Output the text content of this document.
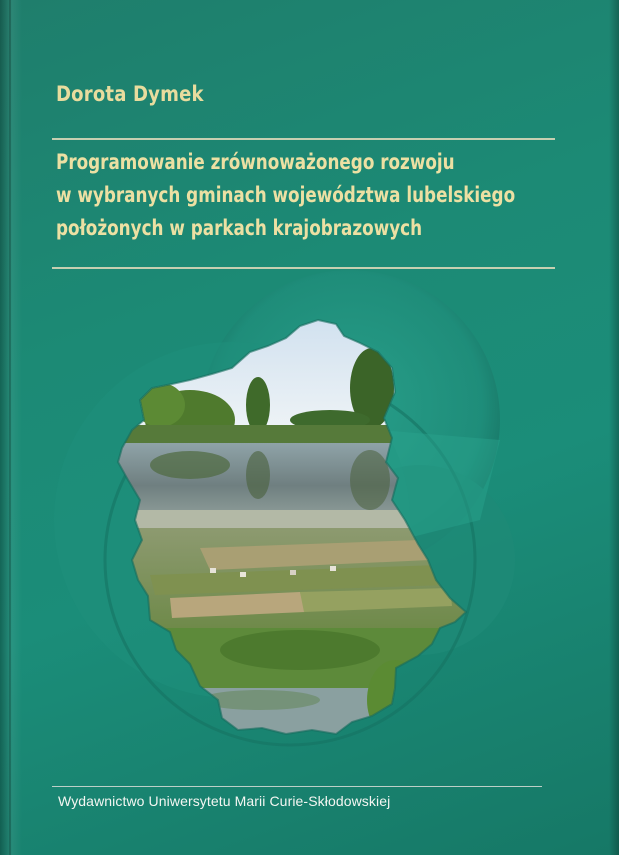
Dorota Dymek
Programowanie zrównoważonego rozwoju
w wybranych gminach województwa lubelskiego
położonych w parkach krajobrazowych
Wydawnictwo Uniwersytetu Marii Curie-Skłodowskiej
